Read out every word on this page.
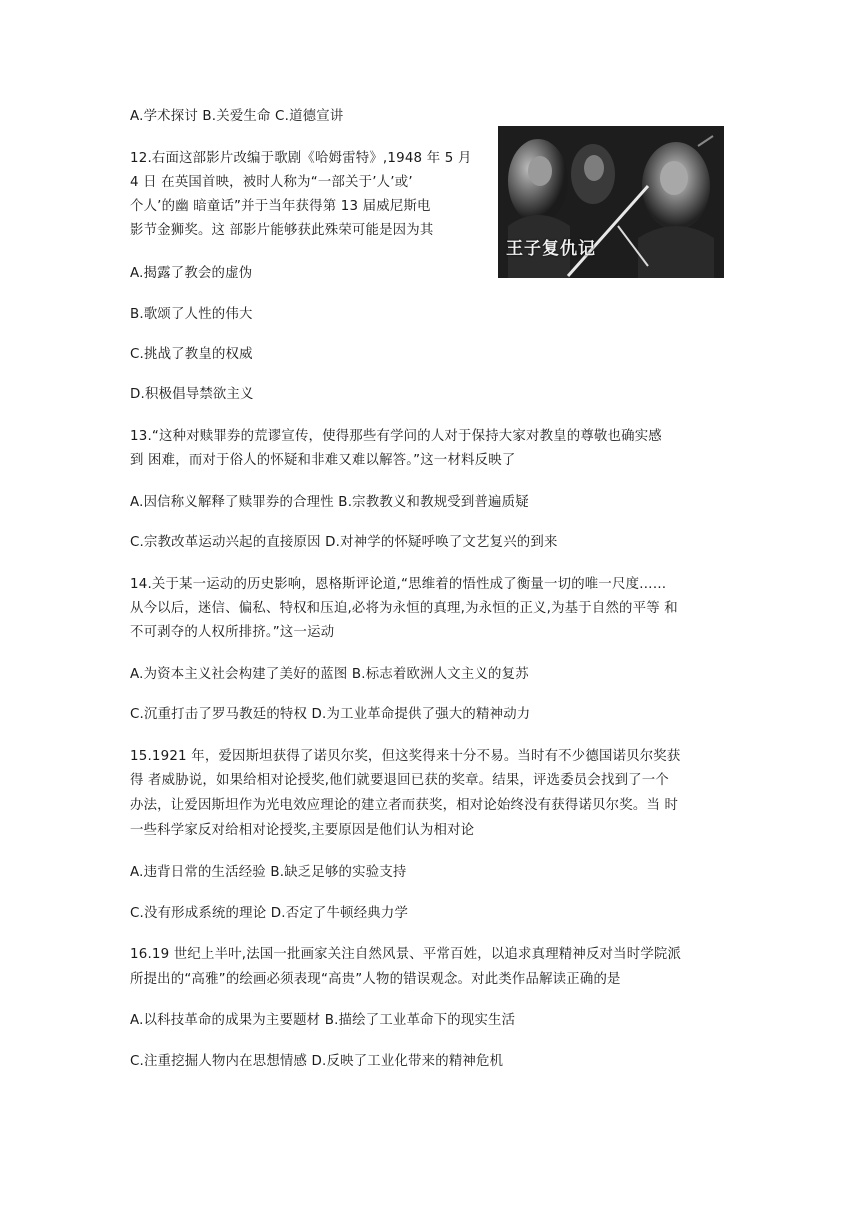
A.学术探讨 B.关爱生命 C.道德宣讲
12.右面这部影片改编于歌剧《哈姆雷特》,1948 年 5 月
4 日 在英国首映，被时人称为“一部关于’人’或’
个人’的幽 暗童话”并于当年获得第 13 届威尼斯电
影节金狮奖。这 部影片能够获此殊荣可能是因为其
王子复仇记
A.揭露了教会的虚伪
B.歌颂了人性的伟大
C.挑战了教皇的权威
D.积极倡导禁欲主义
13.“这种对赎罪券的荒谬宣传，使得那些有学问的人对于保持大家对教皇的尊敬也确实感
到 困难，而对于俗人的怀疑和非难又难以解答。”这一材料反映了
A.因信称义解释了赎罪券的合理性 B.宗教教义和教规受到普遍质疑
C.宗教改革运动兴起的直接原因 D.对神学的怀疑呼唤了文艺复兴的到来
14.关于某一运动的历史影响，恩格斯评论道,“思维着的悟性成了衡量一切的唯一尺度……
从今以后，迷信、偏私、特权和压迫,必将为永恒的真理,为永恒的正义,为基于自然的平等 和
不可剥夺的人权所排挤。”这一运动
A.为资本主义社会构建了美好的蓝图 B.标志着欧洲人文主义的复苏
C.沉重打击了罗马教廷的特权 D.为工业革命提供了强大的精神动力
15.1921 年，爱因斯坦获得了诺贝尔奖，但这奖得来十分不易。当时有不少德国诺贝尔奖获
得 者威胁说，如果给相对论授奖,他们就要退回已获的奖章。结果，评选委员会找到了一个
办法，让爱因斯坦作为光电效应理论的建立者而获奖，相对论始终没有获得诺贝尔奖。当 时
一些科学家反对给相对论授奖,主要原因是他们认为相对论
A.违背日常的生活经验 B.缺乏足够的实验支持
C.没有形成系统的理论 D.否定了牛顿经典力学
16.19 世纪上半叶,法国一批画家关注自然风景、平常百姓，以追求真理精神反对当时学院派
所提出的“高雅”的绘画必须表现“高贵”人物的错误观念。对此类作品解读正确的是
A.以科技革命的成果为主要题材 B.描绘了工业革命下的现实生活
C.注重挖掘人物内在思想情感 D.反映了工业化带来的精神危机
